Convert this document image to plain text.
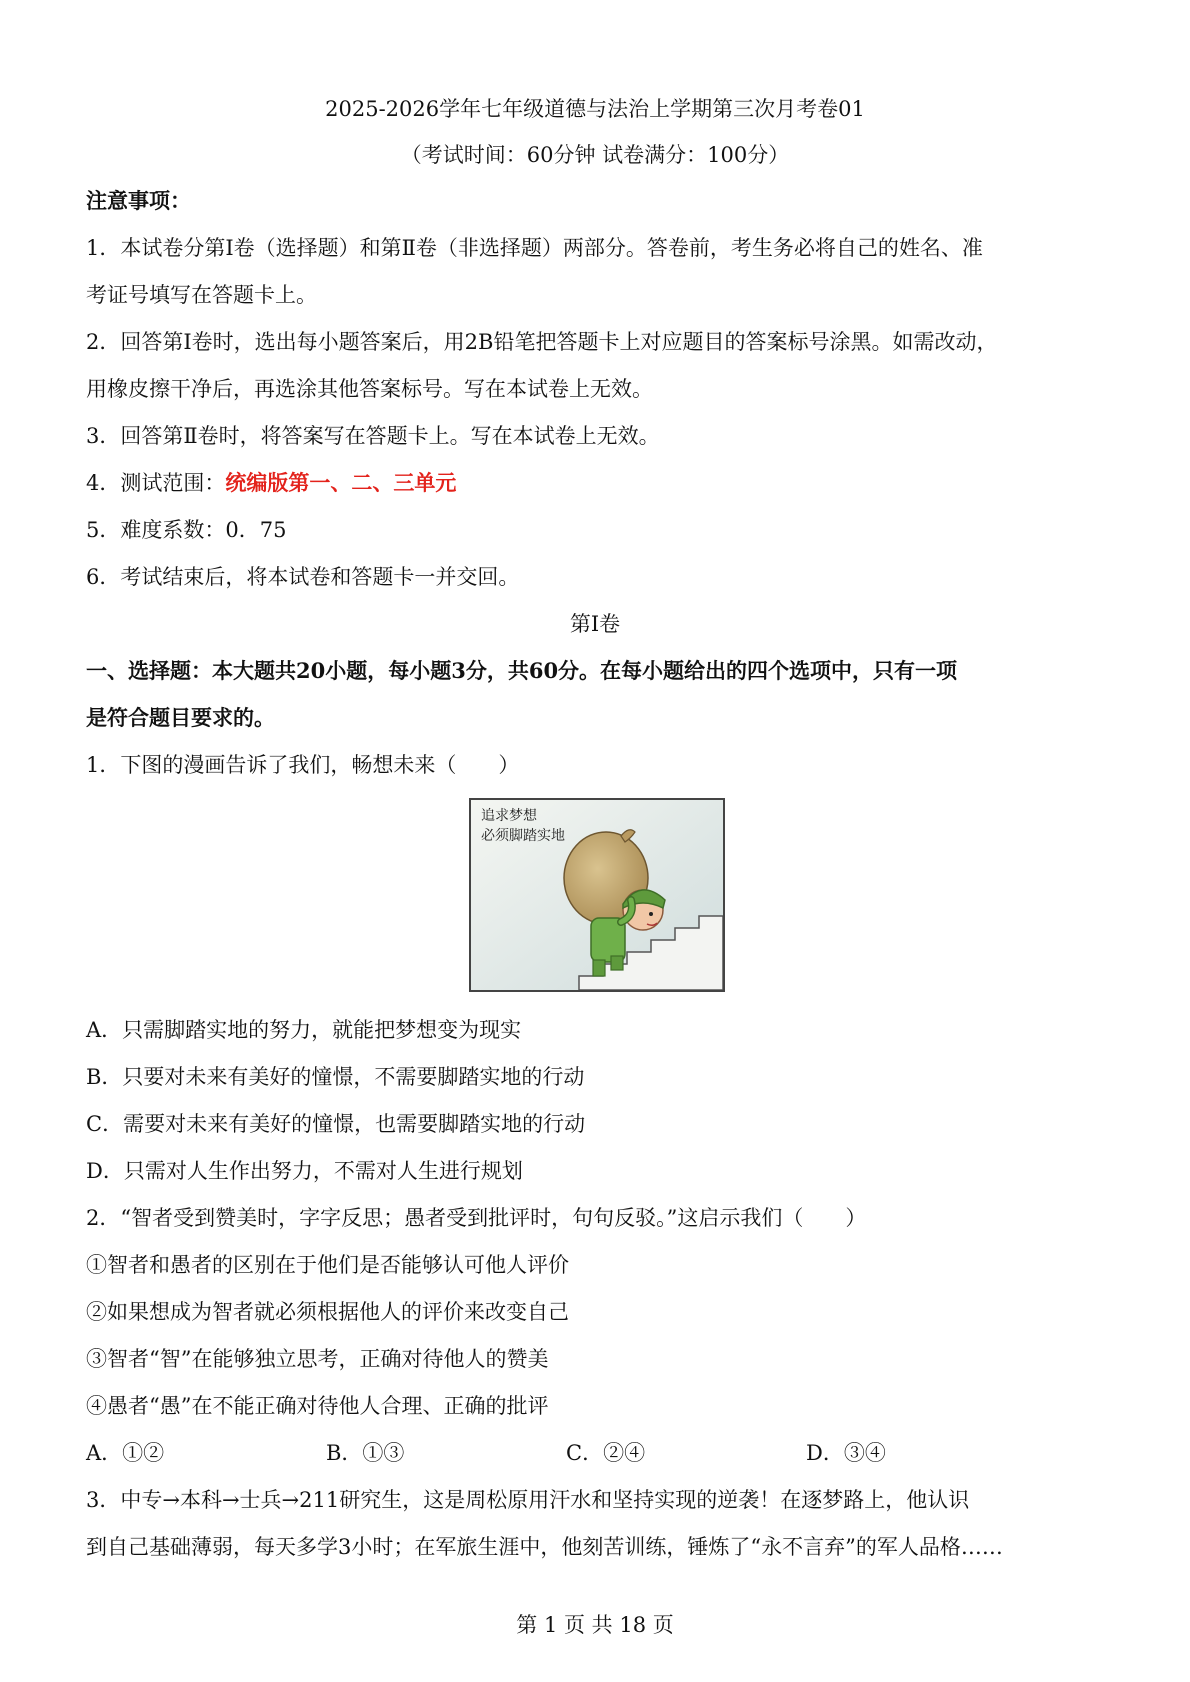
2025-2026学年七年级道德与法治上学期第三次月考卷01
（考试时间：60分钟 试卷满分：100分）
注意事项：
1．本试卷分第Ⅰ卷（选择题）和第Ⅱ卷（非选择题）两部分。答卷前，考生务必将自己的姓名、准
考证号填写在答题卡上。
2．回答第Ⅰ卷时，选出每小题答案后，用2B铅笔把答题卡上对应题目的答案标号涂黑。如需改动，
用橡皮擦干净后，再选涂其他答案标号。写在本试卷上无效。
3．回答第Ⅱ卷时，将答案写在答题卡上。写在本试卷上无效。
4．测试范围：统编版第一、二、三单元
5．难度系数：0．75
6．考试结束后，将本试卷和答题卡一并交回。
第Ⅰ卷
一、选择题：本大题共20小题，每小题3分，共60分。在每小题给出的四个选项中，只有一项
是符合题目要求的。
1．下图的漫画告诉了我们，畅想未来（　　）
追求梦想
必须脚踏实地
A．只需脚踏实地的努力，就能把梦想变为现实
B．只要对未来有美好的憧憬，不需要脚踏实地的行动
C．需要对未来有美好的憧憬，也需要脚踏实地的行动
D．只需对人生作出努力，不需对人生进行规划
2．“智者受到赞美时，字字反思；愚者受到批评时，句句反驳。”这启示我们（　　）
①智者和愚者的区别在于他们是否能够认可他人评价
②如果想成为智者就必须根据他人的评价来改变自己
③智者“智”在能够独立思考，正确对待他人的赞美
④愚者“愚”在不能正确对待他人合理、正确的批评
A．①②	B．①③	C．②④	D．③④
3．中专→本科→士兵→211研究生，这是周松原用汗水和坚持实现的逆袭！在逐梦路上，他认识
到自己基础薄弱，每天多学3小时；在军旅生涯中，他刻苦训练，锤炼了“永不言弃”的军人品格……
第 1 页 共 18 页
